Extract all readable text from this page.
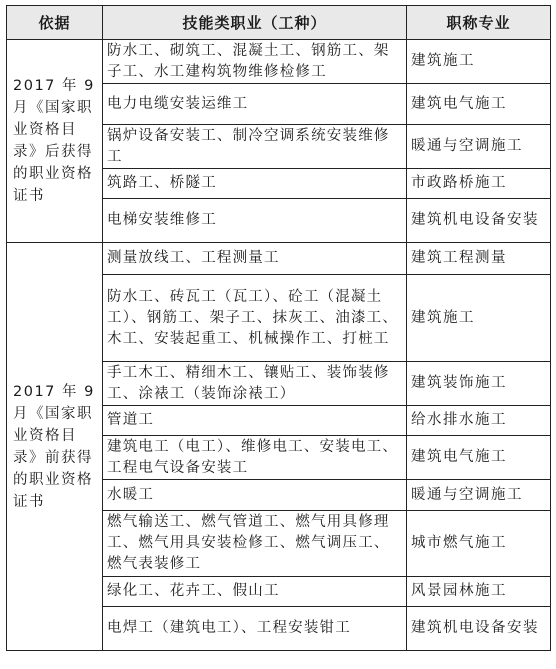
依据	技能类职业（工种）	职称专业
2017 年 9 月《国家职业资格目录》后获得的职业资格证书	防水工、砌筑工、混凝土工、钢筋工、架子工、水工建构筑物维修检修工	建筑施工
	电力电缆安装运维工	建筑电气施工
	锅炉设备安装工、制冷空调系统安装维修工	暖通与空调施工
	筑路工、桥隧工	市政路桥施工
	电梯安装维修工	建筑机电设备安装
2017 年 9 月《国家职业资格目录》前获得的职业资格证书	测量放线工、工程测量工	建筑工程测量
	防水工、砖瓦工（瓦工）、砼工（混凝土工）、钢筋工、架子工、抹灰工、油漆工、木工、安装起重工、机械操作工、打桩工	建筑施工
	手工木工、精细木工、镶贴工、装饰装修工、涂裱工（装饰涂裱工）	建筑装饰施工
	管道工	给水排水施工
	建筑电工（电工）、维修电工、安装电工、工程电气设备安装工	建筑电气施工
	水暖工	暖通与空调施工
	燃气输送工、燃气管道工、燃气用具修理工、燃气用具安装检修工、燃气调压工、燃气表装修工	城市燃气施工
	绿化工、花卉工、假山工	风景园林施工
	电焊工（建筑电工）、工程安装钳工	建筑机电设备安装
